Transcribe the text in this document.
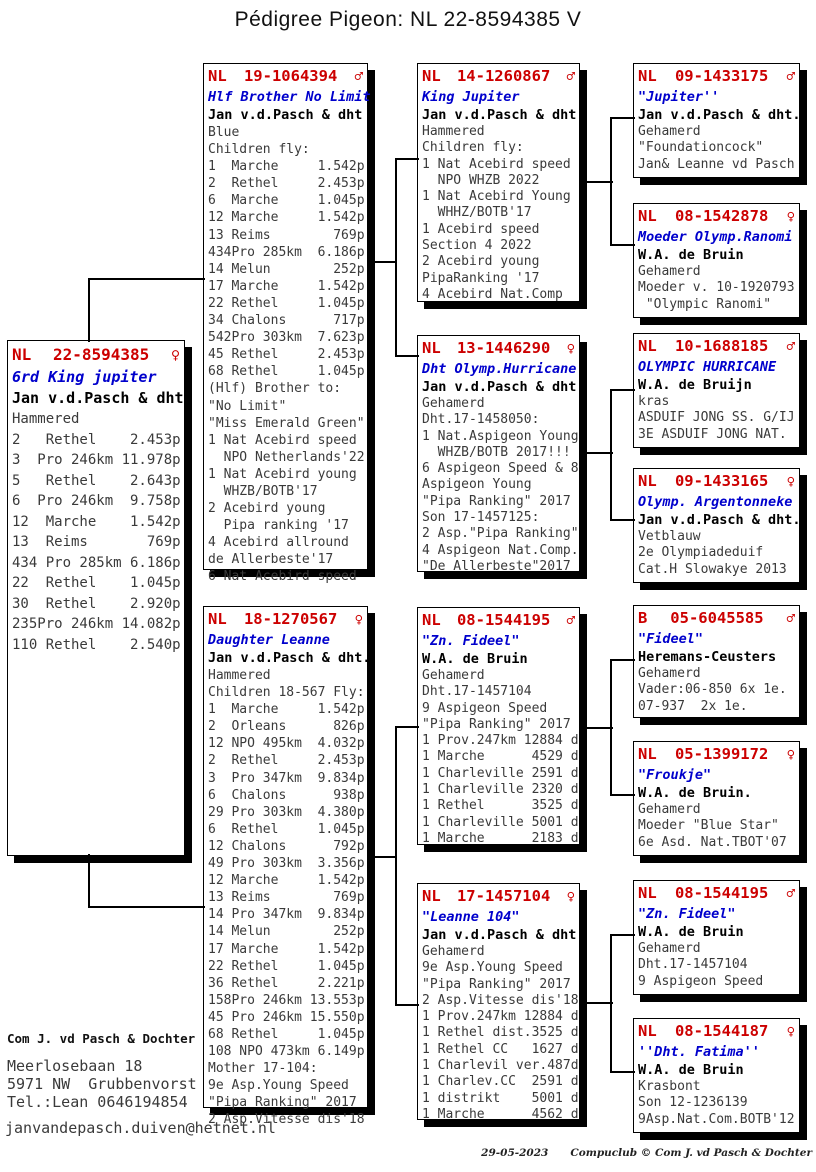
Pédigree Pigeon: NL 22-8594385 V
NL	22-8594385	♀
6rd King jupiter
Jan v.d.Pasch & dht
Hammered
2   Rethel    2.453p
3  Pro 246km 11.978p
5   Rethel    2.643p
6  Pro 246km  9.758p
12  Marche    1.542p
13  Reims       769p
434 Pro 285km 6.186p
22  Rethel    1.045p
30  Rethel    2.920p
235Pro 246km 14.082p
110 Rethel    2.540p
NL	19-1064394	♂
Hlf Brother No Limit
Jan v.d.Pasch & dht
Blue
Children fly:
1  Marche     1.542p
2  Rethel     2.453p
6  Marche     1.045p
12 Marche     1.542p
13 Reims        769p
434Pro 285km  6.186p
14 Melun        252p
17 Marche     1.542p
22 Rethel     1.045p
34 Chalons      717p
542Pro 303km  7.623p
45 Rethel     2.453p
68 Rethel     1.045p
(Hlf) Brother to:
"No Limit"
"Miss Emerald Green"
1 Nat Acebird speed
NPO Netherlands'22
1 Nat Acebird young
WHZB/BOTB'17
2 Acebird young
Pipa ranking '17
4 Acebird allround
de Allerbeste'17
6 Nat Acebird speed
NL	18-1270567	♀
Daughter Leanne
Jan v.d.Pasch & dht.
Hammered
Children 18-567 Fly:
1  Marche     1.542p
2  Orleans      826p
12 NPO 495km  4.032p
2  Rethel     2.453p
3  Pro 347km  9.834p
6  Chalons      938p
29 Pro 303km  4.380p
6  Rethel     1.045p
12 Chalons      792p
49 Pro 303km  3.356p
12 Marche     1.542p
13 Reims        769p
14 Pro 347km  9.834p
14 Melun        252p
17 Marche     1.542p
22 Rethel     1.045p
36 Rethel     2.221p
158Pro 246km 13.553p
45 Pro 246km 15.550p
68 Rethel     1.045p
108 NPO 473km 6.149p
Mother 17-104:
9e Asp.Young Speed
"Pipa Ranking" 2017
2 Asp.Vitesse dis'18
NL	14-1260867	♂
King Jupiter
Jan v.d.Pasch & dht.
Hammered
Children fly:
1 Nat Acebird speed
NPO WHZB 2022
1 Nat Acebird Young
WHHZ/BOTB'17
1 Acebird speed
Section 4 2022
2 Acebird young
PipaRanking '17
4 Acebird Nat.Comp
NL	13-1446290	♀
Dht Olymp.Hurricane
Jan v.d.Pasch & dht.
Gehamerd
Dht.17-1458050:
1 Nat.Aspigeon Young
WHZB/BOTB 2017!!!
6 Aspigeon Speed & 8
Aspigeon Young
"Pipa Ranking" 2017
Son 17-1457125:
2 Asp."Pipa Ranking"
4 Aspigeon Nat.Comp.
"De Allerbeste"2017
NL	08-1544195	♂
"Zn. Fideel"
W.A. de Bruin
Gehamerd
Dht.17-1457104
9 Aspigeon Speed
"Pipa Ranking" 2017
1 Prov.247km 12884 d
1 Marche      4529 d
1 Charleville 2591 d
1 Charleville 2320 d
1 Rethel      3525 d
1 Charleville 5001 d
1 Marche      2183 d
NL	17-1457104	♀
"Leanne 104"
Jan v.d.Pasch & dht.
Gehamerd
9e Asp.Young Speed
"Pipa Ranking" 2017
2 Asp.Vitesse dis'18
1 Prov.247km 12884 d
1 Rethel dist.3525 d
1 Rethel CC   1627 d
1 Charlevil ver.487d
1 Charlev.CC  2591 d
1 distrikt    5001 d
1 Marche      4562 d
NL	09-1433175	♂
"Jupiter''
Jan v.d.Pasch & dht.
Gehamerd
"Foundationcock"
Jan& Leanne vd Pasch
NL	08-1542878	♀
Moeder Olymp.Ranomi
W.A. de Bruin
Gehamerd
Moeder v. 10-1920793
"Olympic Ranomi"
NL	10-1688185	♂
OLYMPIC HURRICANE
W.A. de Bruijn
kras
ASDUIF JONG SS. G/IJ
3E ASDUIF JONG NAT.
NL	09-1433165	♀
Olymp. Argentonneke
Jan v.d.Pasch & dht.
Vetblauw
2e Olympiadeduif
Cat.H Slowakye 2013
B	05-6045585	♂
"Fideel"
Heremans-Ceusters
Gehamerd
Vader:06-850 6x 1e.
07-937  2x 1e.
NL	05-1399172	♀
"Froukje"
W.A. de Bruin.
Gehamerd
Moeder "Blue Star"
6e Asd. Nat.TBOT'07
NL	08-1544195	♂
"Zn. Fideel"
W.A. de Bruin
Gehamerd
Dht.17-1457104
9 Aspigeon Speed
NL	08-1544187	♀
''Dht. Fatima''
W.A. de Bruin
Krasbont
Son 12-1236139
9Asp.Nat.Com.BOTB'12
Com J. vd Pasch & Dochter
Meerlosebaan 18
5971 NW  Grubbenvorst
Tel.:Lean 0646194854
janvandepasch.duiven@hetnet.nl

29-05-2023 Compuclub © Com J. vd Pasch & Dochter
